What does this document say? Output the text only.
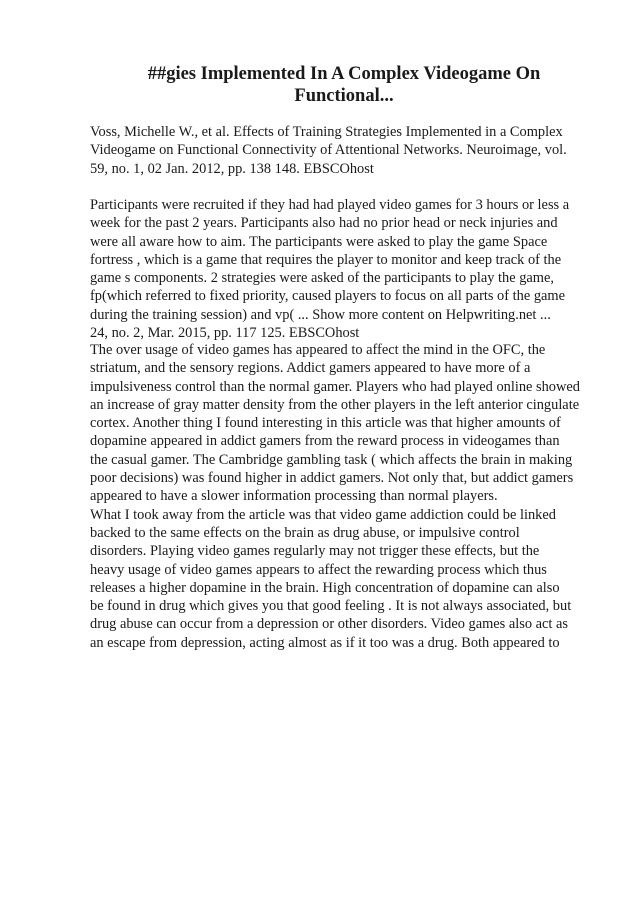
##gies Implemented In A Complex Videogame On
Functional...
Voss, Michelle W., et al. Effects of Training Strategies Implemented in a Complex
Videogame on Functional Connectivity of Attentional Networks. Neuroimage, vol.
59, no. 1, 02 Jan. 2012, pp. 138 148. EBSCOhost
Participants were recruited if they had had played video games for 3 hours or less a
week for the past 2 years. Participants also had no prior head or neck injuries and
were all aware how to aim. The participants were asked to play the game Space
fortress , which is a game that requires the player to monitor and keep track of the
game s components. 2 strategies were asked of the participants to play the game,
fp(which referred to fixed priority, caused players to focus on all parts of the game
during the training session) and vp( ... Show more content on Helpwriting.net ...
24, no. 2, Mar. 2015, pp. 117 125. EBSCOhost
The over usage of video games has appeared to affect the mind in the OFC, the
striatum, and the sensory regions. Addict gamers appeared to have more of a
impulsiveness control than the normal gamer. Players who had played online showed
an increase of gray matter density from the other players in the left anterior cingulate
cortex. Another thing I found interesting in this article was that higher amounts of
dopamine appeared in addict gamers from the reward process in videogames than
the casual gamer. The Cambridge gambling task ( which affects the brain in making
poor decisions) was found higher in addict gamers. Not only that, but addict gamers
appeared to have a slower information processing than normal players.
What I took away from the article was that video game addiction could be linked
backed to the same effects on the brain as drug abuse, or impulsive control
disorders. Playing video games regularly may not trigger these effects, but the
heavy usage of video games appears to affect the rewarding process which thus
releases a higher dopamine in the brain. High concentration of dopamine can also
be found in drug which gives you that good feeling . It is not always associated, but
drug abuse can occur from a depression or other disorders. Video games also act as
an escape from depression, acting almost as if it too was a drug. Both appeared to
